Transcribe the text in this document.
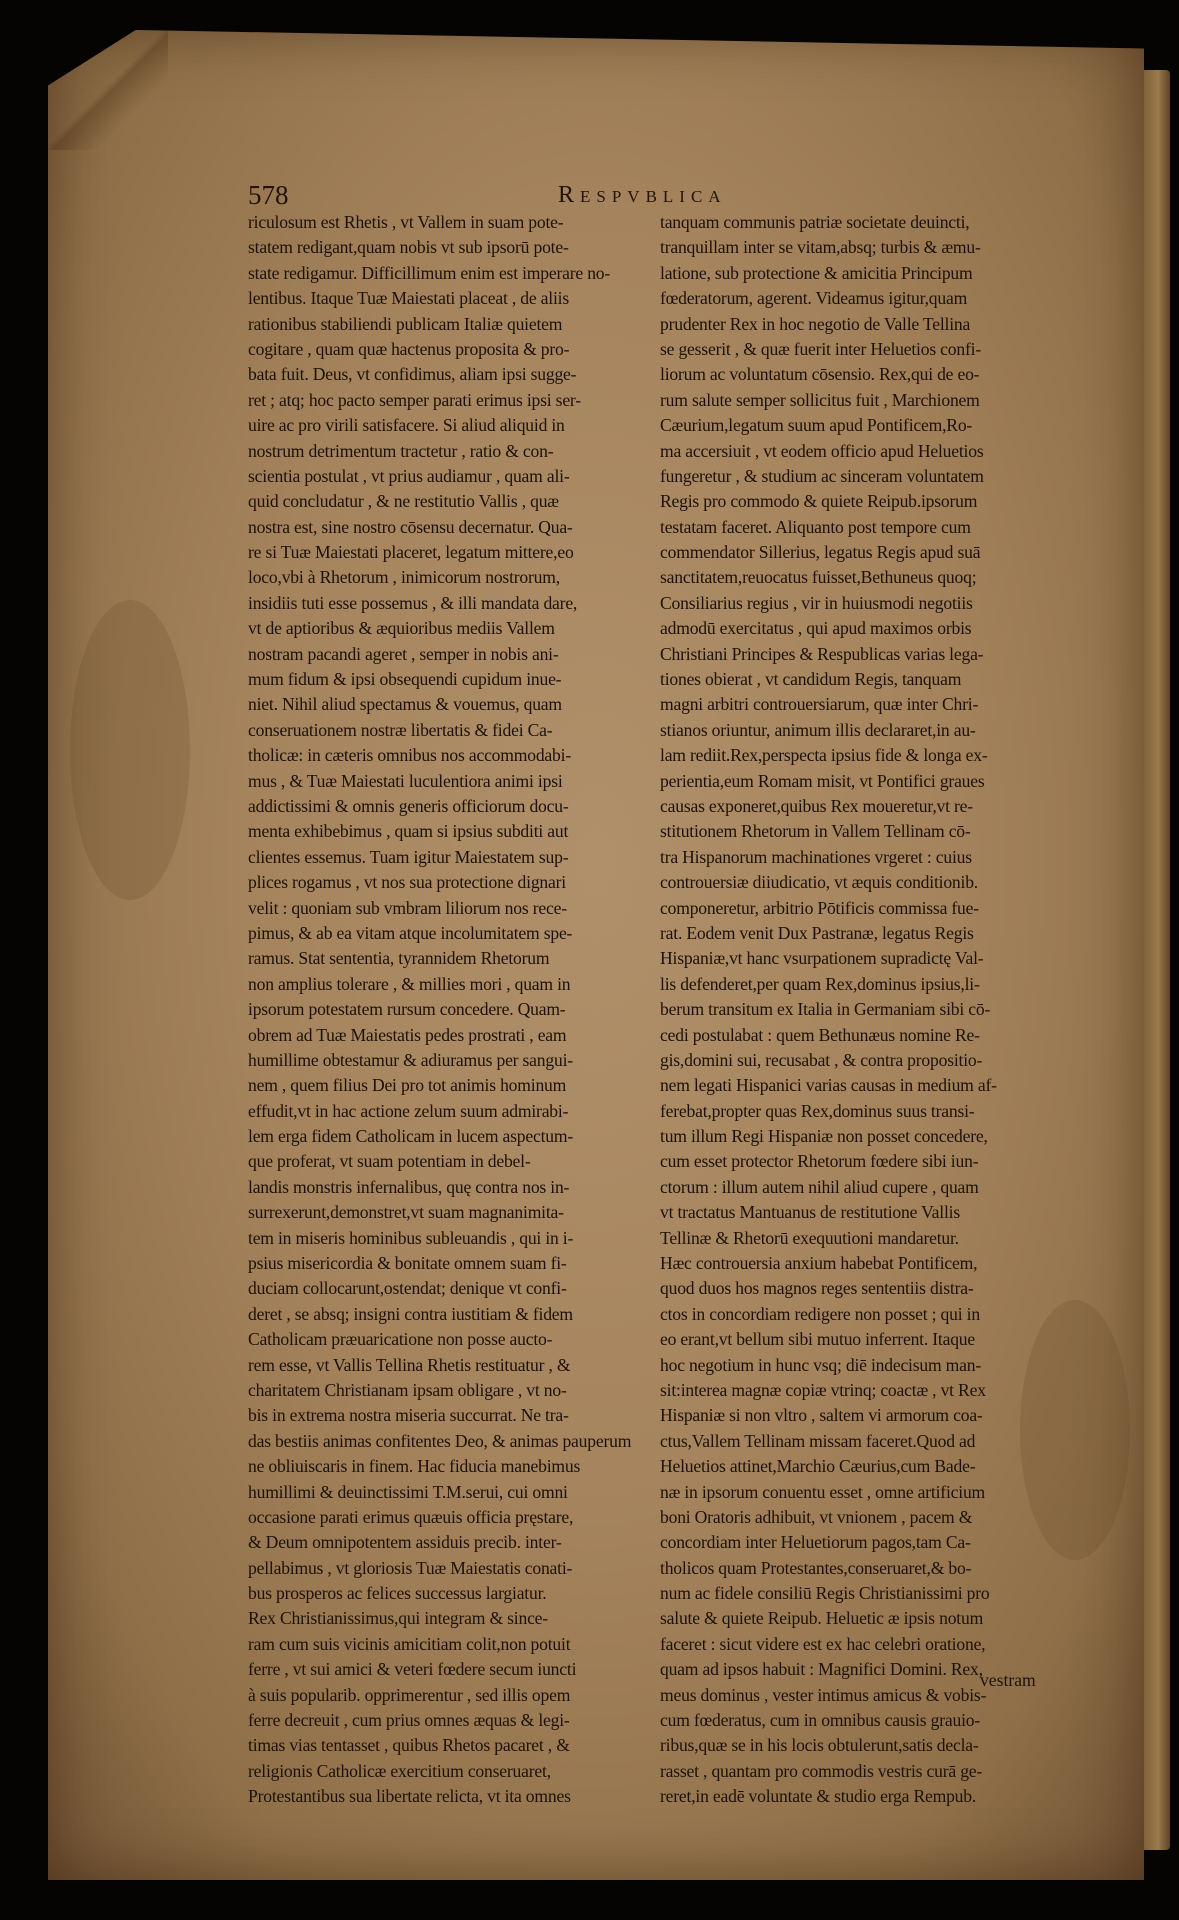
578	Respvblica
riculosum est Rhetis , vt Vallem in suam pote-
statem redigant,quam nobis vt sub ipsorū pote-
state redigamur. Difficillimum enim est imperare no-
lentibus. Itaque Tuæ Maiestati placeat , de aliis
rationibus stabiliendi publicam Italiæ quietem
cogitare , quam quæ hactenus proposita & pro-
bata fuit. Deus, vt confidimus, aliam ipsi sugge-
ret ; atq; hoc pacto semper parati erimus ipsi ser-
uire ac pro virili satisfacere. Si aliud aliquid in
nostrum detrimentum tractetur , ratio & con-
scientia postulat , vt prius audiamur , quam ali-
quid concludatur , & ne restitutio Vallis , quæ
nostra est, sine nostro cōsensu decernatur. Qua-
re si Tuæ Maiestati placeret, legatum mittere,eo
loco,vbi à Rhetorum , inimicorum nostrorum,
insidiis tuti esse possemus , & illi mandata dare,
vt de aptioribus & æquioribus mediis Vallem
nostram pacandi ageret , semper in nobis ani-
mum fidum & ipsi obsequendi cupidum inue-
niet. Nihil aliud spectamus & vouemus, quam
conseruationem nostræ libertatis & fidei Ca-
tholicæ: in cæteris omnibus nos accommodabi-
mus , & Tuæ Maiestati luculentiora animi ipsi
addictissimi & omnis generis officiorum docu-
menta exhibebimus , quam si ipsius subditi aut
clientes essemus. Tuam igitur Maiestatem sup-
plices rogamus , vt nos sua protectione dignari
velit : quoniam sub vmbram liliorum nos rece-
pimus, & ab ea vitam atque incolumitatem spe-
ramus. Stat sententia, tyrannidem Rhetorum
non amplius tolerare , & millies mori , quam in
ipsorum potestatem rursum concedere. Quam-
obrem ad Tuæ Maiestatis pedes prostrati , eam
humillime obtestamur & adiuramus per sangui-
nem , quem filius Dei pro tot animis hominum
effudit,vt in hac actione zelum suum admirabi-
lem erga fidem Catholicam in lucem aspectum-
que proferat, vt suam potentiam in debel-
landis monstris infernalibus, quę contra nos in-
surrexerunt,demonstret,vt suam magnanimita-
tem in miseris hominibus subleuandis , qui in i-
psius misericordia & bonitate omnem suam fi-
duciam collocarunt,ostendat; denique vt confi-
deret , se absq; insigni contra iustitiam & fidem
Catholicam præuaricatione non posse aucto-
rem esse, vt Vallis Tellina Rhetis restituatur , &
charitatem Christianam ipsam obligare , vt no-
bis in extrema nostra miseria succurrat. Ne tra-
das bestiis animas confitentes Deo, & animas pauperum
ne obliuiscaris in finem. Hac fiducia manebimus
humillimi & deuinctissimi T.M.serui, cui omni
occasione parati erimus quæuis officia pręstare,
& Deum omnipotentem assiduis precib. inter-
pellabimus , vt gloriosis Tuæ Maiestatis conati-
bus prosperos ac felices successus largiatur.
Rex Christianissimus,qui integram & since-
ram cum suis vicinis amicitiam colit,non potuit
ferre , vt sui amici & veteri fœdere secum iuncti
à suis popularib. opprimerentur , sed illis opem
ferre decreuit , cum prius omnes æquas & legi-
timas vias tentasset , quibus Rhetos pacaret , &
religionis Catholicæ exercitium conseruaret,
Protestantibus sua libertate relicta, vt ita omnes
tanquam communis patriæ societate deuincti,
tranquillam inter se vitam,absq; turbis & æmu-
latione, sub protectione & amicitia Principum
fœderatorum, agerent. Videamus igitur,quam
prudenter Rex in hoc negotio de Valle Tellina
se gesserit , & quæ fuerit inter Heluetios confi-
liorum ac voluntatum cōsensio. Rex,qui de eo-
rum salute semper sollicitus fuit , Marchionem
Cæurium,legatum suum apud Pontificem,Ro-
ma accersiuit , vt eodem officio apud Heluetios
fungeretur , & studium ac sinceram voluntatem
Regis pro commodo & quiete Reipub.ipsorum
testatam faceret. Aliquanto post tempore cum
commendator Sillerius, legatus Regis apud suā
sanctitatem,reuocatus fuisset,Bethuneus quoq;
Consiliarius regius , vir in huiusmodi negotiis
admodū exercitatus , qui apud maximos orbis
Christiani Principes & Respublicas varias lega-
tiones obierat , vt candidum Regis, tanquam
magni arbitri controuersiarum, quæ inter Chri-
stianos oriuntur, animum illis declararet,in au-
lam rediit.Rex,perspecta ipsius fide & longa ex-
perientia,eum Romam misit, vt Pontifici graues
causas exponeret,quibus Rex moueretur,vt re-
stitutionem Rhetorum in Vallem Tellinam cō-
tra Hispanorum machinationes vrgeret : cuius
controuersiæ diiudicatio, vt æquis conditionib.
componeretur, arbitrio Pōtificis commissa fue-
rat. Eodem venit Dux Pastranæ, legatus Regis
Hispaniæ,vt hanc vsurpationem supradictę Val-
lis defenderet,per quam Rex,dominus ipsius,li-
berum transitum ex Italia in Germaniam sibi cō-
cedi postulabat : quem Bethunæus nomine Re-
gis,domini sui, recusabat , & contra propositio-
nem legati Hispanici varias causas in medium af-
ferebat,propter quas Rex,dominus suus transi-
tum illum Regi Hispaniæ non posset concedere,
cum esset protector Rhetorum fœdere sibi iun-
ctorum : illum autem nihil aliud cupere , quam
vt tractatus Mantuanus de restitutione Vallis
Tellinæ & Rhetorū exequutioni mandaretur.
Hæc controuersia anxium habebat Pontificem,
quod duos hos magnos reges sententiis distra-
ctos in concordiam redigere non posset ; qui in
eo erant,vt bellum sibi mutuo inferrent. Itaque
hoc negotium in hunc vsq; diē indecisum man-
sit:interea magnæ copiæ vtrinq; coactæ , vt Rex
Hispaniæ si non vltro , saltem vi armorum coa-
ctus,Vallem Tellinam missam faceret.Quod ad
Heluetios attinet,Marchio Cæurius,cum Bade-
næ in ipsorum conuentu esset , omne artificium
boni Oratoris adhibuit, vt vnionem , pacem &
concordiam inter Heluetiorum pagos,tam Ca-
tholicos quam Protestantes,conseruaret,& bo-
num ac fidele consiliū Regis Christianissimi pro
salute & quiete Reipub. Heluetic æ ipsis notum
faceret : sicut videre est ex hac celebri oratione,
quam ad ipsos habuit : Magnifici Domini. Rex,
meus dominus , vester intimus amicus & vobis-
cum fœderatus, cum in omnibus causis grauio-
ribus,quæ se in his locis obtulerunt,satis decla-
rasset , quantam pro commodis vestris curā ge-
reret,in eadē voluntate & studio erga Rempub.
vestram
